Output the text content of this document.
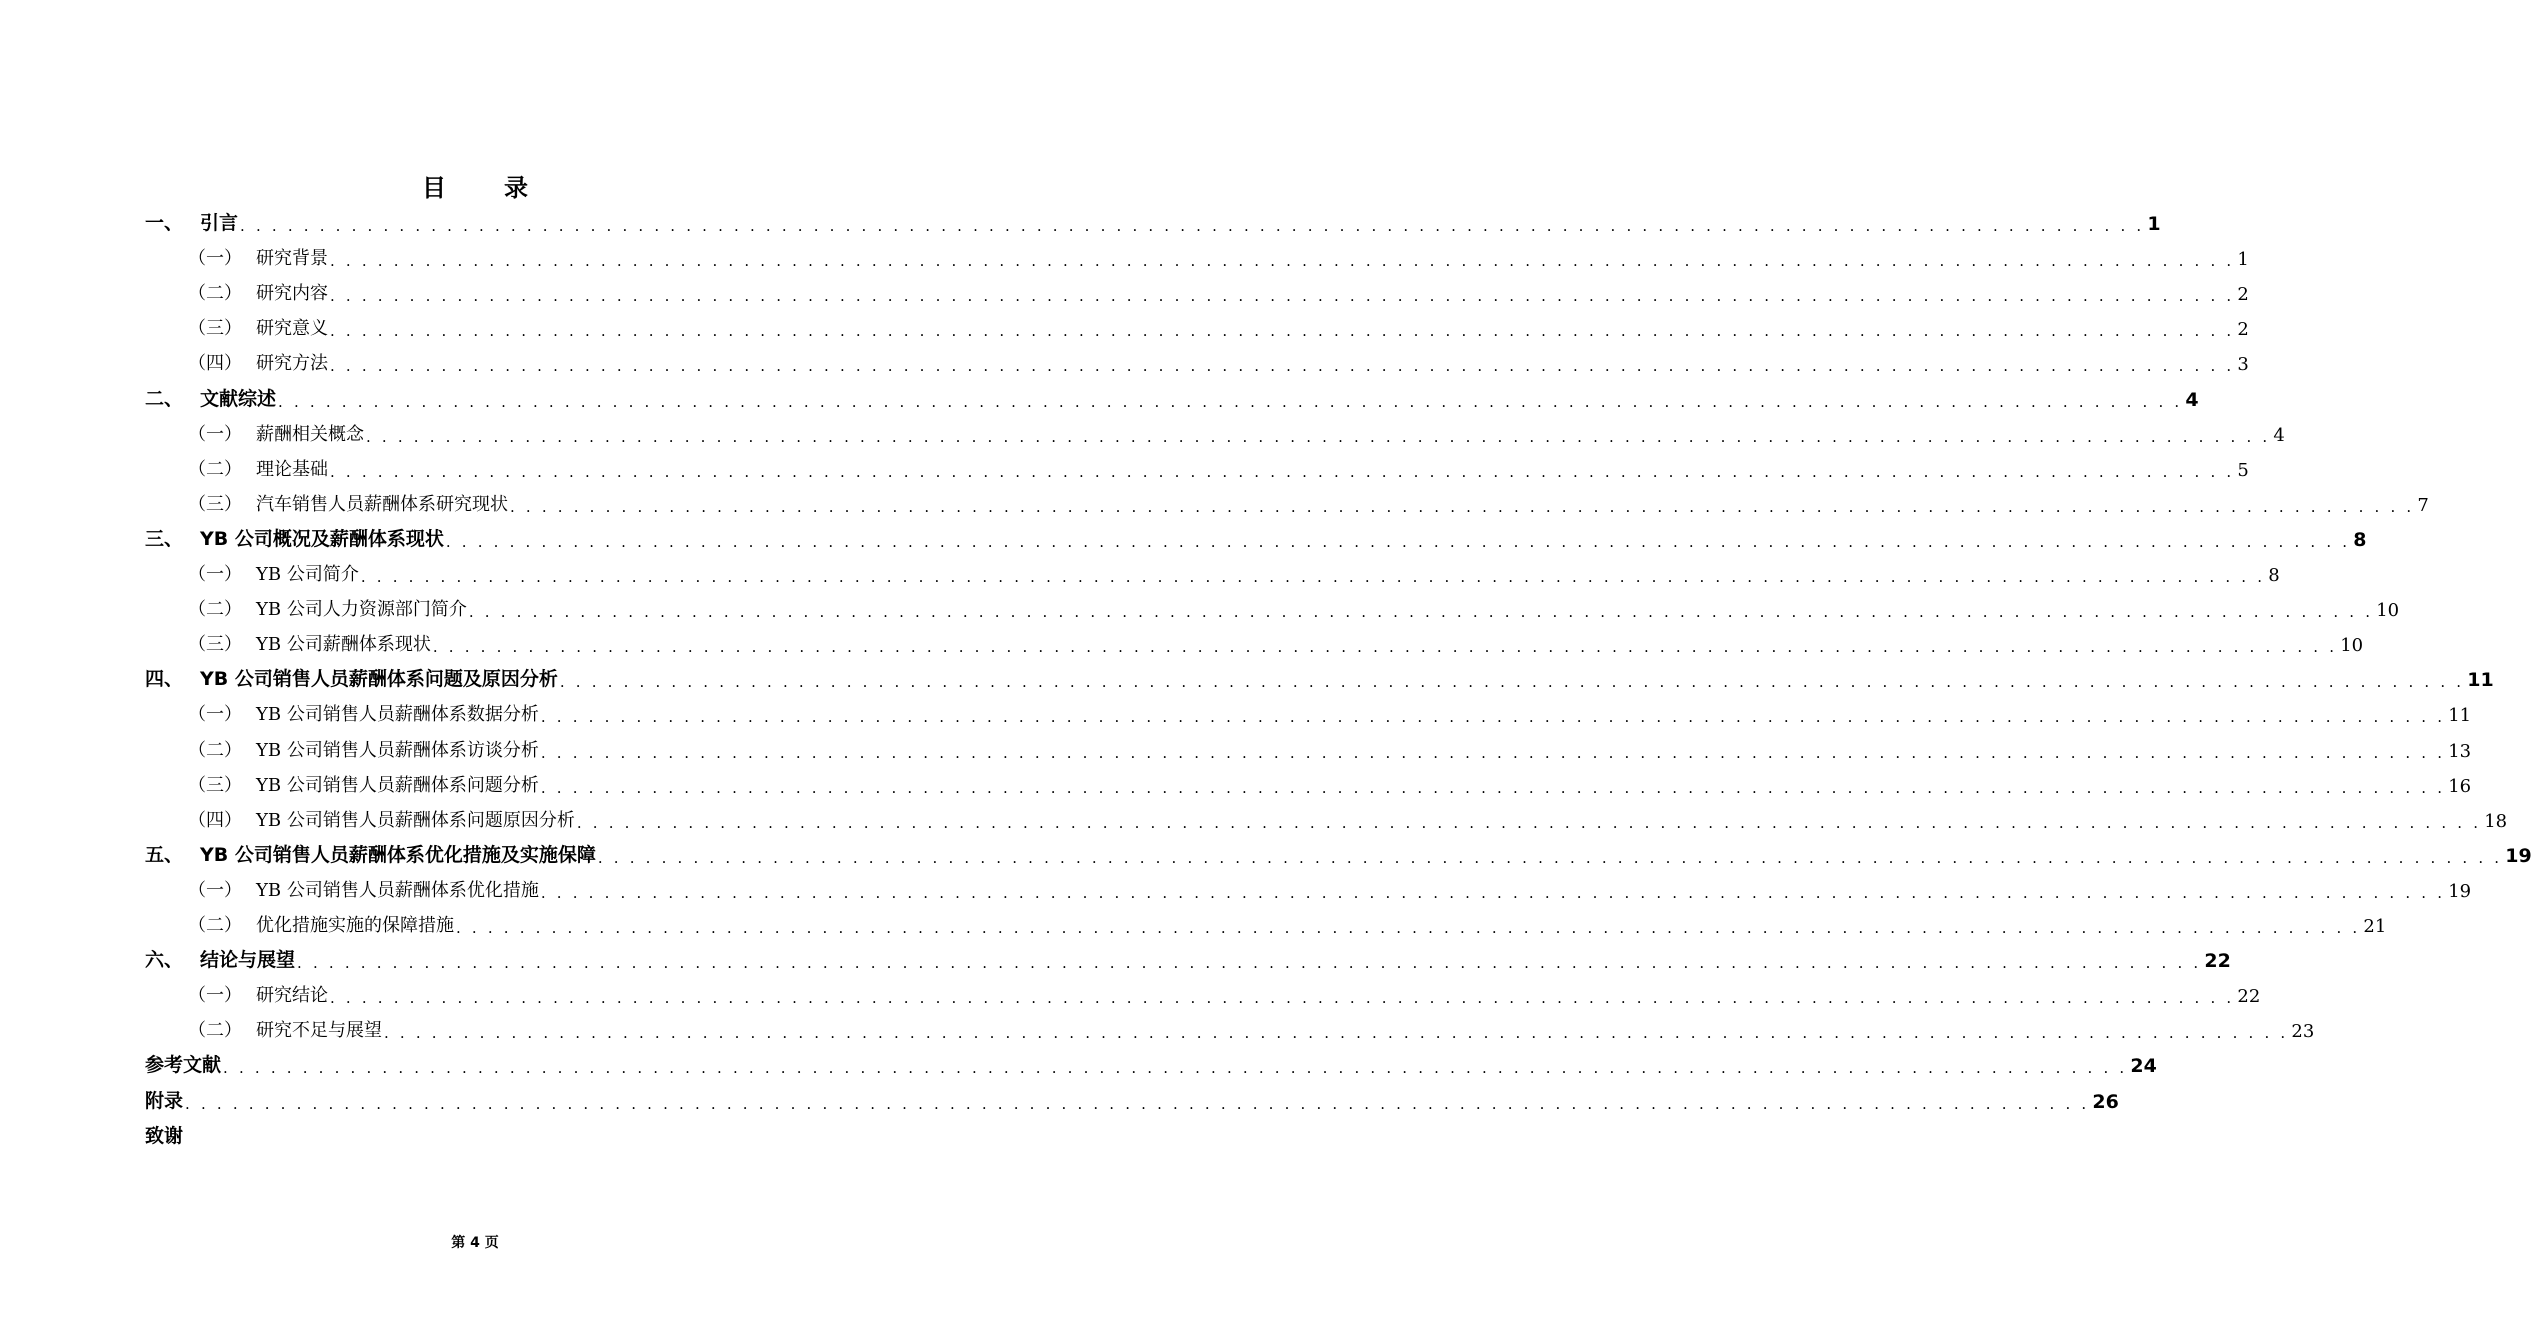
目录
一、 引言 . . . . . . . . . . . . . . . . . . . . . . . . . . . . . . . . . . . . . . . . . . . . . . . . . . . . . . . . . . . . . . . . . . . . . . . . . . . . . . . . . . . . . . . . . . . . . . . . . . . . . . . . . . . . . . . . . . . . . . . . 1
（一） 研究背景 . . . . . . . . . . . . . . . . . . . . . . . . . . . . . . . . . . . . . . . . . . . . . . . . . . . . . . . . . . . . . . . . . . . . . . . . . . . . . . . . . . . . . . . . . . . . . . . . . . . . . . . . . . . . . . . . . . . . . . . . 1
（二） 研究内容 . . . . . . . . . . . . . . . . . . . . . . . . . . . . . . . . . . . . . . . . . . . . . . . . . . . . . . . . . . . . . . . . . . . . . . . . . . . . . . . . . . . . . . . . . . . . . . . . . . . . . . . . . . . . . . . . . . . . . . . . 2
（三） 研究意义 . . . . . . . . . . . . . . . . . . . . . . . . . . . . . . . . . . . . . . . . . . . . . . . . . . . . . . . . . . . . . . . . . . . . . . . . . . . . . . . . . . . . . . . . . . . . . . . . . . . . . . . . . . . . . . . . . . . . . . . . 2
（四） 研究方法 . . . . . . . . . . . . . . . . . . . . . . . . . . . . . . . . . . . . . . . . . . . . . . . . . . . . . . . . . . . . . . . . . . . . . . . . . . . . . . . . . . . . . . . . . . . . . . . . . . . . . . . . . . . . . . . . . . . . . . . . 3
二、 文献综述 . . . . . . . . . . . . . . . . . . . . . . . . . . . . . . . . . . . . . . . . . . . . . . . . . . . . . . . . . . . . . . . . . . . . . . . . . . . . . . . . . . . . . . . . . . . . . . . . . . . . . . . . . . . . . . . . . . . . . . . . 4
（一） 薪酬相关概念 . . . . . . . . . . . . . . . . . . . . . . . . . . . . . . . . . . . . . . . . . . . . . . . . . . . . . . . . . . . . . . . . . . . . . . . . . . . . . . . . . . . . . . . . . . . . . . . . . . . . . . . . . . . . . . . . . . . . . . . . 4
（二） 理论基础 . . . . . . . . . . . . . . . . . . . . . . . . . . . . . . . . . . . . . . . . . . . . . . . . . . . . . . . . . . . . . . . . . . . . . . . . . . . . . . . . . . . . . . . . . . . . . . . . . . . . . . . . . . . . . . . . . . . . . . . . 5
（三） 汽车销售人员薪酬体系研究现状 . . . . . . . . . . . . . . . . . . . . . . . . . . . . . . . . . . . . . . . . . . . . . . . . . . . . . . . . . . . . . . . . . . . . . . . . . . . . . . . . . . . . . . . . . . . . . . . . . . . . . . . . . . . . . . . . . . . . . . . . 7
三、 YB 公司概况及薪酬体系现状 . . . . . . . . . . . . . . . . . . . . . . . . . . . . . . . . . . . . . . . . . . . . . . . . . . . . . . . . . . . . . . . . . . . . . . . . . . . . . . . . . . . . . . . . . . . . . . . . . . . . . . . . . . . . . . . . . . . . . . . . 8
（一） YB 公司简介 . . . . . . . . . . . . . . . . . . . . . . . . . . . . . . . . . . . . . . . . . . . . . . . . . . . . . . . . . . . . . . . . . . . . . . . . . . . . . . . . . . . . . . . . . . . . . . . . . . . . . . . . . . . . . . . . . . . . . . . . 8
（二） YB 公司人力资源部门简介 . . . . . . . . . . . . . . . . . . . . . . . . . . . . . . . . . . . . . . . . . . . . . . . . . . . . . . . . . . . . . . . . . . . . . . . . . . . . . . . . . . . . . . . . . . . . . . . . . . . . . . . . . . . . . . . . . . . . . . . . 10
（三） YB 公司薪酬体系现状 . . . . . . . . . . . . . . . . . . . . . . . . . . . . . . . . . . . . . . . . . . . . . . . . . . . . . . . . . . . . . . . . . . . . . . . . . . . . . . . . . . . . . . . . . . . . . . . . . . . . . . . . . . . . . . . . . . . . . . . . 10
四、 YB 公司销售人员薪酬体系问题及原因分析 . . . . . . . . . . . . . . . . . . . . . . . . . . . . . . . . . . . . . . . . . . . . . . . . . . . . . . . . . . . . . . . . . . . . . . . . . . . . . . . . . . . . . . . . . . . . . . . . . . . . . . . . . . . . . . . . . . . . . . . . 11
（一） YB 公司销售人员薪酬体系数据分析 . . . . . . . . . . . . . . . . . . . . . . . . . . . . . . . . . . . . . . . . . . . . . . . . . . . . . . . . . . . . . . . . . . . . . . . . . . . . . . . . . . . . . . . . . . . . . . . . . . . . . . . . . . . . . . . . . . . . . . . . 11
（二） YB 公司销售人员薪酬体系访谈分析 . . . . . . . . . . . . . . . . . . . . . . . . . . . . . . . . . . . . . . . . . . . . . . . . . . . . . . . . . . . . . . . . . . . . . . . . . . . . . . . . . . . . . . . . . . . . . . . . . . . . . . . . . . . . . . . . . . . . . . . . 13
（三） YB 公司销售人员薪酬体系问题分析 . . . . . . . . . . . . . . . . . . . . . . . . . . . . . . . . . . . . . . . . . . . . . . . . . . . . . . . . . . . . . . . . . . . . . . . . . . . . . . . . . . . . . . . . . . . . . . . . . . . . . . . . . . . . . . . . . . . . . . . . 16
（四） YB 公司销售人员薪酬体系问题原因分析 . . . . . . . . . . . . . . . . . . . . . . . . . . . . . . . . . . . . . . . . . . . . . . . . . . . . . . . . . . . . . . . . . . . . . . . . . . . . . . . . . . . . . . . . . . . . . . . . . . . . . . . . . . . . . . . . . . . . . . . . 18
五、 YB 公司销售人员薪酬体系优化措施及实施保障 . . . . . . . . . . . . . . . . . . . . . . . . . . . . . . . . . . . . . . . . . . . . . . . . . . . . . . . . . . . . . . . . . . . . . . . . . . . . . . . . . . . . . . . . . . . . . . . . . . . . . . . . . . . . . . . . . . . . . . . . 19
（一） YB 公司销售人员薪酬体系优化措施 . . . . . . . . . . . . . . . . . . . . . . . . . . . . . . . . . . . . . . . . . . . . . . . . . . . . . . . . . . . . . . . . . . . . . . . . . . . . . . . . . . . . . . . . . . . . . . . . . . . . . . . . . . . . . . . . . . . . . . . . 19
（二） 优化措施实施的保障措施 . . . . . . . . . . . . . . . . . . . . . . . . . . . . . . . . . . . . . . . . . . . . . . . . . . . . . . . . . . . . . . . . . . . . . . . . . . . . . . . . . . . . . . . . . . . . . . . . . . . . . . . . . . . . . . . . . . . . . . . . 21
六、 结论与展望 . . . . . . . . . . . . . . . . . . . . . . . . . . . . . . . . . . . . . . . . . . . . . . . . . . . . . . . . . . . . . . . . . . . . . . . . . . . . . . . . . . . . . . . . . . . . . . . . . . . . . . . . . . . . . . . . . . . . . . . . 22
（一） 研究结论 . . . . . . . . . . . . . . . . . . . . . . . . . . . . . . . . . . . . . . . . . . . . . . . . . . . . . . . . . . . . . . . . . . . . . . . . . . . . . . . . . . . . . . . . . . . . . . . . . . . . . . . . . . . . . . . . . . . . . . . . 22
（二） 研究不足与展望 . . . . . . . . . . . . . . . . . . . . . . . . . . . . . . . . . . . . . . . . . . . . . . . . . . . . . . . . . . . . . . . . . . . . . . . . . . . . . . . . . . . . . . . . . . . . . . . . . . . . . . . . . . . . . . . . . . . . . . . . 23
参考文献 . . . . . . . . . . . . . . . . . . . . . . . . . . . . . . . . . . . . . . . . . . . . . . . . . . . . . . . . . . . . . . . . . . . . . . . . . . . . . . . . . . . . . . . . . . . . . . . . . . . . . . . . . . . . . . . . . . . . . . . . 24
附录 . . . . . . . . . . . . . . . . . . . . . . . . . . . . . . . . . . . . . . . . . . . . . . . . . . . . . . . . . . . . . . . . . . . . . . . . . . . . . . . . . . . . . . . . . . . . . . . . . . . . . . . . . . . . . . . . . . . . . . . . 26
致谢
第 4 页
